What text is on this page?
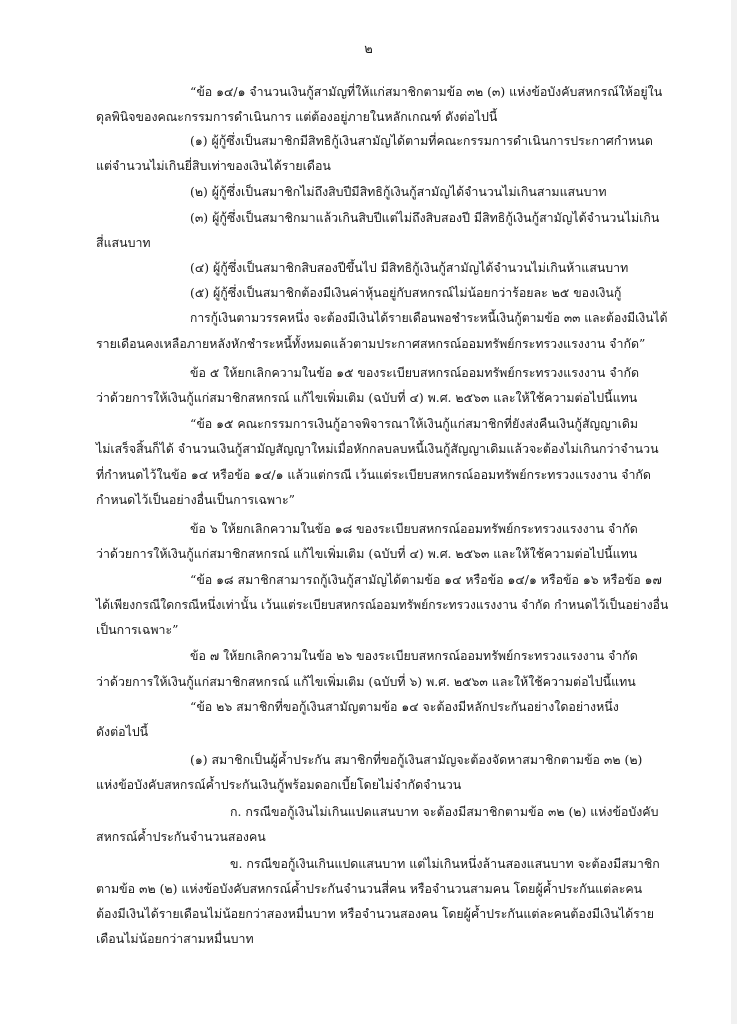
๒
“ข้อ ๑๔/๑ จำนวนเงินกู้สามัญที่ให้แก่สมาชิกตามข้อ ๓๒ (๓) แห่งข้อบังคับสหกรณ์ให้อยู่ใน
ดุลพินิจของคณะกรรมการดำเนินการ แต่ต้องอยู่ภายในหลักเกณฑ์ ดังต่อไปนี้
(๑) ผู้กู้ซึ่งเป็นสมาชิกมีสิทธิกู้เงินสามัญได้ตามที่คณะกรรมการดำเนินการประกาศกำหนด
แต่จำนวนไม่เกินยี่สิบเท่าของเงินได้รายเดือน
(๒) ผู้กู้ซึ่งเป็นสมาชิกไม่ถึงสิบปีมีสิทธิกู้เงินกู้สามัญได้จำนวนไม่เกินสามแสนบาท
(๓) ผู้กู้ซึ่งเป็นสมาชิกมาแล้วเกินสิบปีแต่ไม่ถึงสิบสองปี มีสิทธิกู้เงินกู้สามัญได้จำนวนไม่เกิน
สี่แสนบาท
(๔) ผู้กู้ซึ่งเป็นสมาชิกสิบสองปีขึ้นไป มีสิทธิกู้เงินกู้สามัญได้จำนวนไม่เกินห้าแสนบาท
(๕) ผู้กู้ซึ่งเป็นสมาชิกต้องมีเงินค่าหุ้นอยู่กับสหกรณ์ไม่น้อยกว่าร้อยละ ๒๕ ของเงินกู้
การกู้เงินตามวรรคหนึ่ง จะต้องมีเงินได้รายเดือนพอชำระหนี้เงินกู้ตามข้อ ๓๓ และต้องมีเงินได้
รายเดือนคงเหลือภายหลังหักชำระหนี้ทั้งหมดแล้วตามประกาศสหกรณ์ออมทรัพย์กระทรวงแรงงาน จำกัด”
ข้อ ๕ ให้ยกเลิกความในข้อ ๑๕ ของระเบียบสหกรณ์ออมทรัพย์กระทรวงแรงงาน จำกัด
ว่าด้วยการให้เงินกู้แก่สมาชิกสหกรณ์ แก้ไขเพิ่มเติม (ฉบับที่ ๔) พ.ศ. ๒๕๖๓ และให้ใช้ความต่อไปนี้แทน
“ข้อ ๑๕ คณะกรรมการเงินกู้อาจพิจารณาให้เงินกู้แก่สมาชิกที่ยังส่งคืนเงินกู้สัญญาเดิม
ไม่เสร็จสิ้นก็ได้ จำนวนเงินกู้สามัญสัญญาใหม่เมื่อหักกลบลบหนี้เงินกู้สัญญาเดิมแล้วจะต้องไม่เกินกว่าจำนวน
ที่กำหนดไว้ในข้อ ๑๔ หรือข้อ ๑๔/๑ แล้วแต่กรณี เว้นแต่ระเบียบสหกรณ์ออมทรัพย์กระทรวงแรงงาน จำกัด
กำหนดไว้เป็นอย่างอื่นเป็นการเฉพาะ”
ข้อ ๖ ให้ยกเลิกความในข้อ ๑๘ ของระเบียบสหกรณ์ออมทรัพย์กระทรวงแรงงาน จำกัด
ว่าด้วยการให้เงินกู้แก่สมาชิกสหกรณ์ แก้ไขเพิ่มเติม (ฉบับที่ ๔) พ.ศ. ๒๕๖๓ และให้ใช้ความต่อไปนี้แทน
“ข้อ ๑๘ สมาชิกสามารถกู้เงินกู้สามัญได้ตามข้อ ๑๔ หรือข้อ ๑๔/๑ หรือข้อ ๑๖ หรือข้อ ๑๗
ได้เพียงกรณีใดกรณีหนึ่งเท่านั้น เว้นแต่ระเบียบสหกรณ์ออมทรัพย์กระทรวงแรงงาน จำกัด กำหนดไว้เป็นอย่างอื่น
เป็นการเฉพาะ”
ข้อ ๗ ให้ยกเลิกความในข้อ ๒๖ ของระเบียบสหกรณ์ออมทรัพย์กระทรวงแรงงาน จำกัด
ว่าด้วยการให้เงินกู้แก่สมาชิกสหกรณ์ แก้ไขเพิ่มเติม (ฉบับที่ ๖) พ.ศ. ๒๕๖๓ และให้ใช้ความต่อไปนี้แทน
“ข้อ ๒๖ สมาชิกที่ขอกู้เงินสามัญตามข้อ ๑๔ จะต้องมีหลักประกันอย่างใดอย่างหนึ่ง
ดังต่อไปนี้
(๑) สมาชิกเป็นผู้ค้ำประกัน สมาชิกที่ขอกู้เงินสามัญจะต้องจัดหาสมาชิกตามข้อ ๓๒ (๒)
แห่งข้อบังคับสหกรณ์ค้ำประกันเงินกู้พร้อมดอกเบี้ยโดยไม่จำกัดจำนวน
ก. กรณีขอกู้เงินไม่เกินแปดแสนบาท จะต้องมีสมาชิกตามข้อ ๓๒ (๒) แห่งข้อบังคับ
สหกรณ์ค้ำประกันจำนวนสองคน
ข. กรณีขอกู้เงินเกินแปดแสนบาท แต่ไม่เกินหนึ่งล้านสองแสนบาท จะต้องมีสมาชิก
ตามข้อ ๓๒ (๒) แห่งข้อบังคับสหกรณ์ค้ำประกันจำนวนสี่คน หรือจำนวนสามคน โดยผู้ค้ำประกันแต่ละคน
ต้องมีเงินได้รายเดือนไม่น้อยกว่าสองหมื่นบาท หรือจำนวนสองคน โดยผู้ค้ำประกันแต่ละคนต้องมีเงินได้ราย
เดือนไม่น้อยกว่าสามหมื่นบาท
